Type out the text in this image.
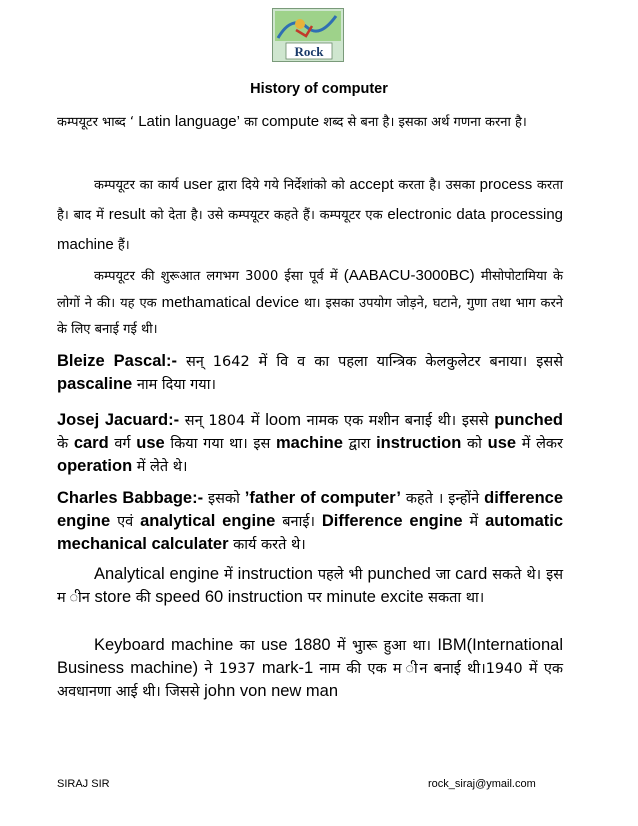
Rock
History of computer

कम्पयूटर भाब्द ‘ Latin language’ का compute शब्द से बना है। इसका अर्थ गणना करना है।

कम्पयूटर का कार्य user द्वारा दिये गये निर्देशांको को accept करता है। उसका process करता है। बाद में result को देता है। उसे कम्पयूटर कहते हैं। कम्पयूटर एक electronic data processing machine हैं।

कम्पयूटर की शुरूआत लगभग 3000 ईसा पूर्व में (AABACU-3000BC) मीसोपोटामिया के लोगों ने की। यह एक methamatical device था। इसका उपयोग जोड़ने, घटाने, गुणा तथा भाग करने के लिए बनाई गई थी।

Bleize Pascal:- सन् 1642 में वि व का पहला यान्त्रिक केलकुलेटर बनाया। इससे pascaline नाम दिया गया।

Josej Jacuard:- सन् 1804 में loom नामक एक मशीन बनाई थी। इससे punched के card वर्ग use किया गया था। इस machine द्वारा instruction को use में लेकर operation में लेते थे।

Charles Babbage:- इसको ’father of computer’ कहते । इन्होंने difference engine एवं analytical engine बनाई। Difference engine में automatic mechanical calculater कार्य करते थे।

Analytical engine में instruction पहले भी punched जा card सकते थे। इस म ीन store की speed 60 instruction पर minute excite सकता था।

Keyboard machine का use 1880 में भुारू हुआ था। IBM(International Business machine) ने 1937 mark-1 नाम की एक म ीन बनाई थी।1940 में एक अवधानणा आई थी। जिससे john von new man

SIRAJ SIR	rock_siraj@ymail.com
